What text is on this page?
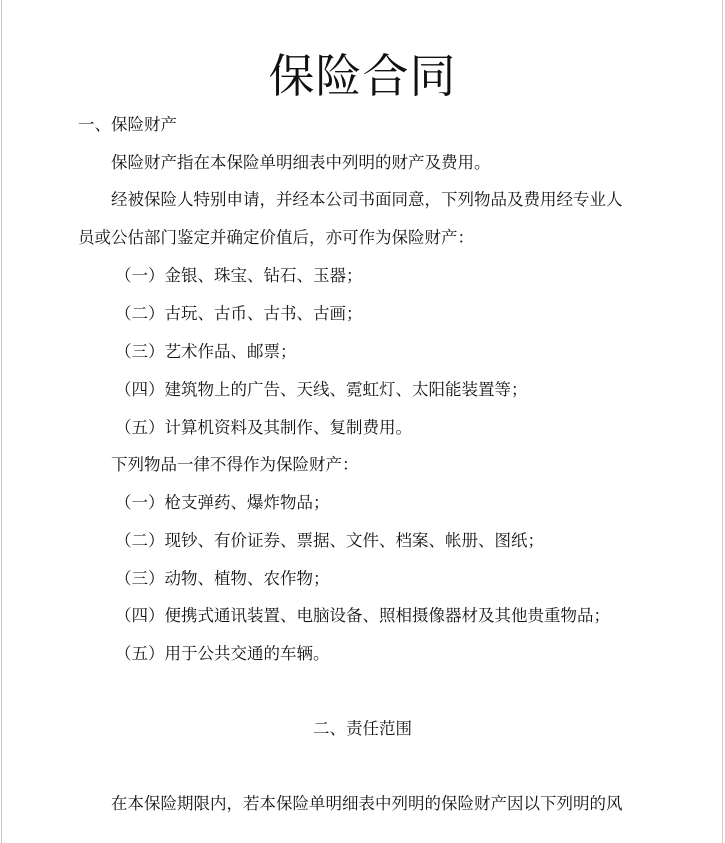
保险合同
一、保险财产
保险财产指在本保险单明细表中列明的财产及费用。
经被保险人特别申请，并经本公司书面同意，下列物品及费用经专业人
员或公估部门鉴定并确定价值后，亦可作为保险财产：
（一）金银、珠宝、钻石、玉器；
（二）古玩、古币、古书、古画；
（三）艺术作品、邮票；
（四）建筑物上的广告、天线、霓虹灯、太阳能装置等；
（五）计算机资料及其制作、复制费用。
下列物品一律不得作为保险财产：
（一）枪支弹药、爆炸物品；
（二）现钞、有价证券、票据、文件、档案、帐册、图纸；
（三）动物、植物、农作物；
（四）便携式通讯装置、电脑设备、照相摄像器材及其他贵重物品；
（五）用于公共交通的车辆。
二、责任范围
在本保险期限内，若本保险单明细表中列明的保险财产因以下列明的风
